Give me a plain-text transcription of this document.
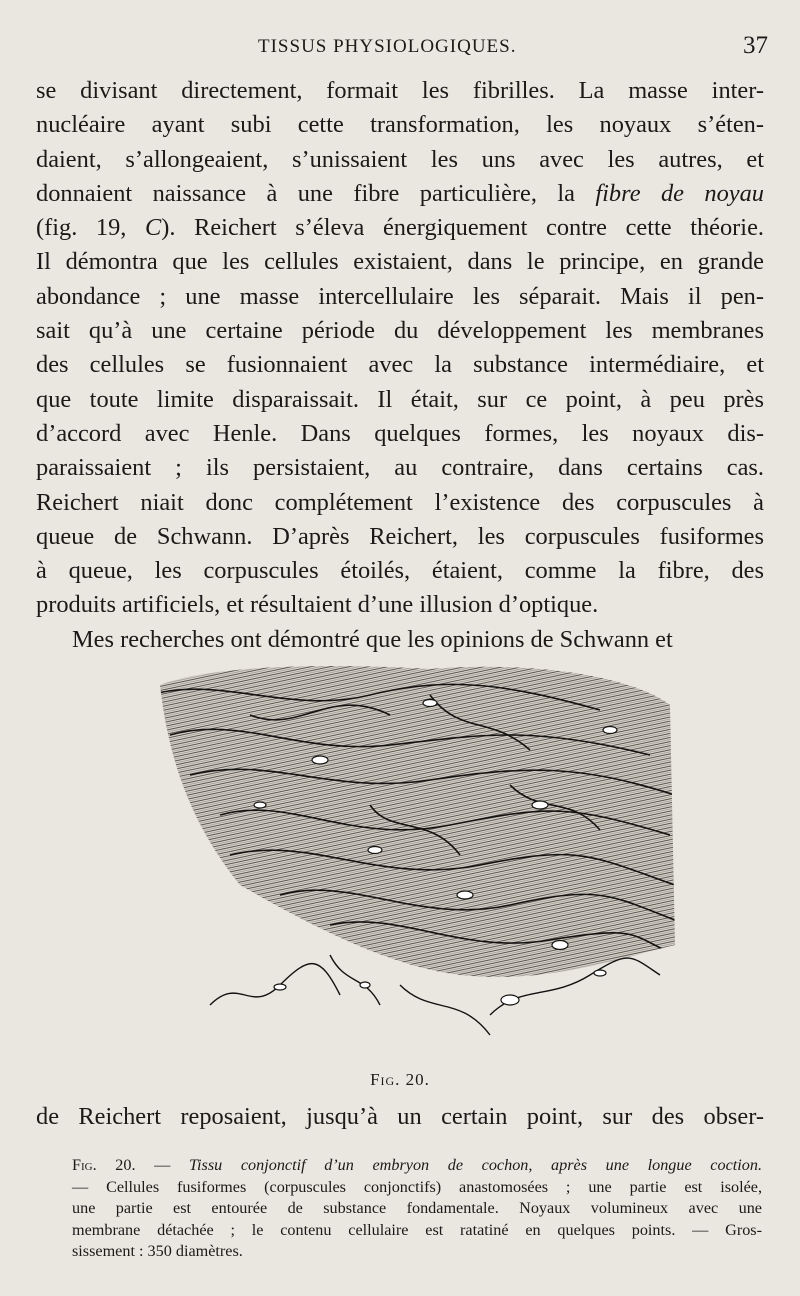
TISSUS PHYSIOLOGIQUES.	37
se divisant directement, formait les fibrilles. La masse inter-
nucléaire ayant subi cette transformation, les noyaux s’éten-
daient, s’allongeaient, s’unissaient les uns avec les autres, et
donnaient naissance à une fibre particulière, la fibre de noyau
(fig. 19, C). Reichert s’éleva énergiquement contre cette théorie.
Il démontra que les cellules existaient, dans le principe, en grande
abondance ; une masse intercellulaire les séparait. Mais il pen-
sait qu’à une certaine période du développement les membranes
des cellules se fusionnaient avec la substance intermédiaire, et
que toute limite disparaissait. Il était, sur ce point, à peu près
d’accord avec Henle. Dans quelques formes, les noyaux dis-
paraissaient ; ils persistaient, au contraire, dans certains cas.
Reichert niait donc complétement l’existence des corpuscules à
queue de Schwann. D’après Reichert, les corpuscules fusiformes
à queue, les corpuscules étoilés, étaient, comme la fibre, des
produits artificiels, et résultaient d’une illusion d’optique.
Mes recherches ont démontré que les opinions de Schwann et
Fig. 20.
de Reichert reposaient, jusqu’à un certain point, sur des obser-
Fig. 20. — Tissu conjonctif d’un embryon de cochon, après une longue coction.
— Cellules fusiformes (corpuscules conjonctifs) anastomosées ; une partie est isolée,
une partie est entourée de substance fondamentale. Noyaux volumineux avec une
membrane détachée ; le contenu cellulaire est ratatiné en quelques points. — Gros-
sissement : 350 diamètres.
